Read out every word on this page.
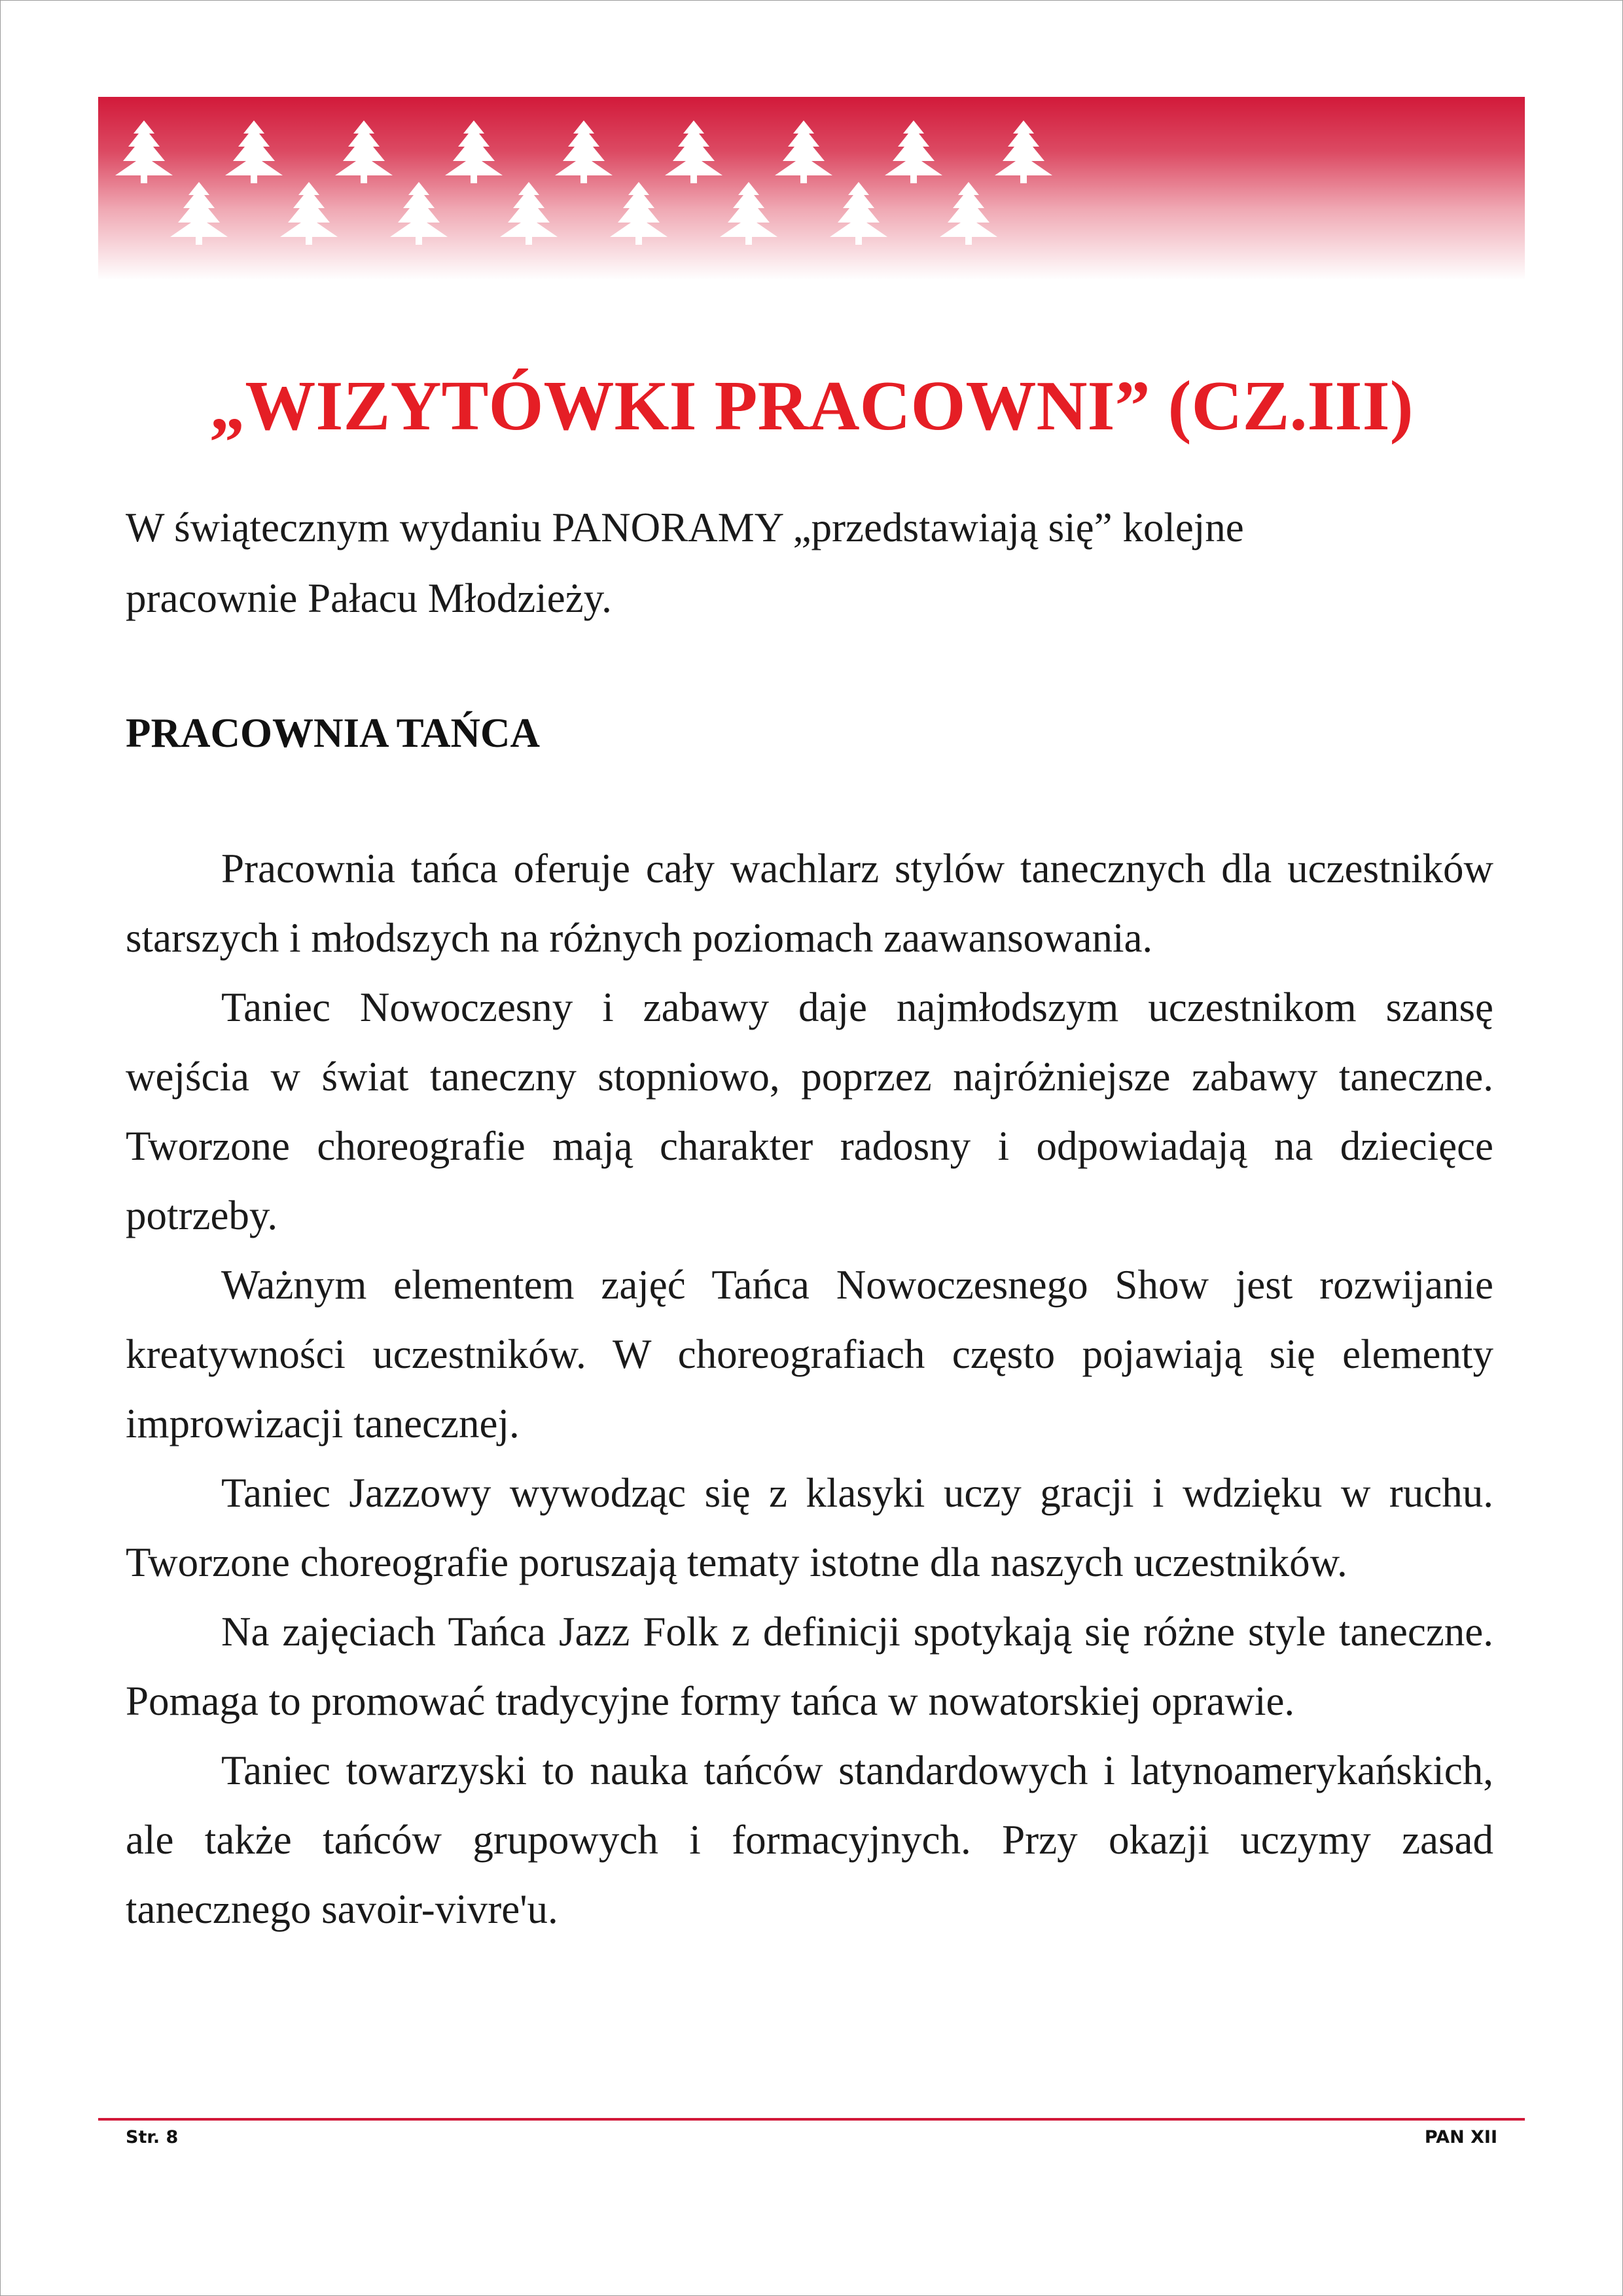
„WIZYTÓWKI PRACOWNI” (CZ.III)

W świątecznym wydaniu PANORAMY „przedstawiają się” kolejne pracownie Pałacu Młodzieży.

PRACOWNIA TAŃCA

Pracownia tańca oferuje cały wachlarz stylów tanecznych dla uczestników starszych i młodszych na różnych poziomach zaawansowania.

Taniec Nowoczesny i zabawy daje najmłodszym uczestnikom szansę wejścia w świat taneczny stopniowo, poprzez najróżniejsze zabawy taneczne. Tworzone choreografie mają charakter radosny i odpowiadają na dziecięce potrzeby.

Ważnym elementem zajęć Tańca Nowoczesnego Show jest rozwijanie kreatywności uczestników. W choreografiach często pojawiają się elementy improwizacji tanecznej.

Taniec Jazzowy wywodząc się z klasyki uczy gracji i wdzięku w ruchu. Tworzone choreografie poruszają tematy istotne dla naszych uczestników.

Na zajęciach Tańca Jazz Folk z definicji spotykają się różne style taneczne. Pomaga to promować tradycyjne formy tańca w nowatorskiej oprawie.

Taniec towarzyski to nauka tańców standardowych i latynoamerykańskich, ale także tańców grupowych i formacyjnych. Przy okazji uczymy zasad tanecznego savoir-vivre'u.

Str. 8	PAN XII
